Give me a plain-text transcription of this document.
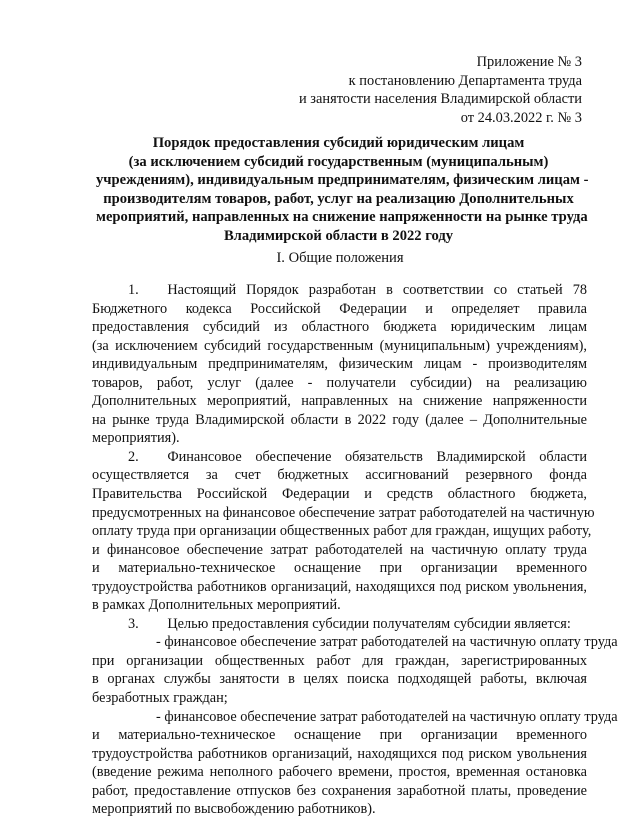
Приложение № 3
к постановлению Департамента труда
и занятости населения Владимирской области
от 24.03.2022 г. № 3
Порядок предоставления субсидий юридическим лицам
(за исключением субсидий государственным (муниципальным)
учреждениям), индивидуальным предпринимателям, физическим лицам -
производителям товаров, работ, услуг на реализацию Дополнительных
мероприятий, направленных на снижение напряженности на рынке труда
Владимирской области в 2022 году
I. Общие положения
1.  Настоящий Порядок разработан в соответствии со статьей 78
Бюджетного кодекса Российской Федерации и определяет правила
предоставления субсидий из областного бюджета юридическим лицам
(за исключением субсидий государственным (муниципальным) учреждениям),
индивидуальным предпринимателям, физическим лицам - производителям
товаров, работ, услуг (далее - получатели субсидии) на реализацию
Дополнительных мероприятий, направленных на снижение напряженности
на рынке труда Владимирской области в 2022 году (далее – Дополнительные
мероприятия).
2.  Финансовое обеспечение обязательств Владимирской области
осуществляется за счет бюджетных ассигнований резервного фонда
Правительства Российской Федерации и средств областного бюджета,
предусмотренных на финансовое обеспечение затрат работодателей на частичную
оплату труда при организации общественных работ для граждан, ищущих работу,
и финансовое обеспечение затрат работодателей на частичную оплату труда
и материально-техническое оснащение при организации временного
трудоустройства работников организаций, находящихся под риском увольнения,
в рамках Дополнительных мероприятий.
3.  Целью предоставления субсидии получателям субсидии является:
- финансовое обеспечение затрат работодателей на частичную оплату труда
при организации общественных работ для граждан, зарегистрированных
в органах службы занятости в целях поиска подходящей работы, включая
безработных граждан;
- финансовое обеспечение затрат работодателей на частичную оплату труда
и материально-техническое оснащение при организации временного
трудоустройства работников организаций, находящихся под риском увольнения
(введение режима неполного рабочего времени, простоя, временная остановка
работ, предоставление отпусков без сохранения заработной платы, проведение
мероприятий по высвобождению работников).
